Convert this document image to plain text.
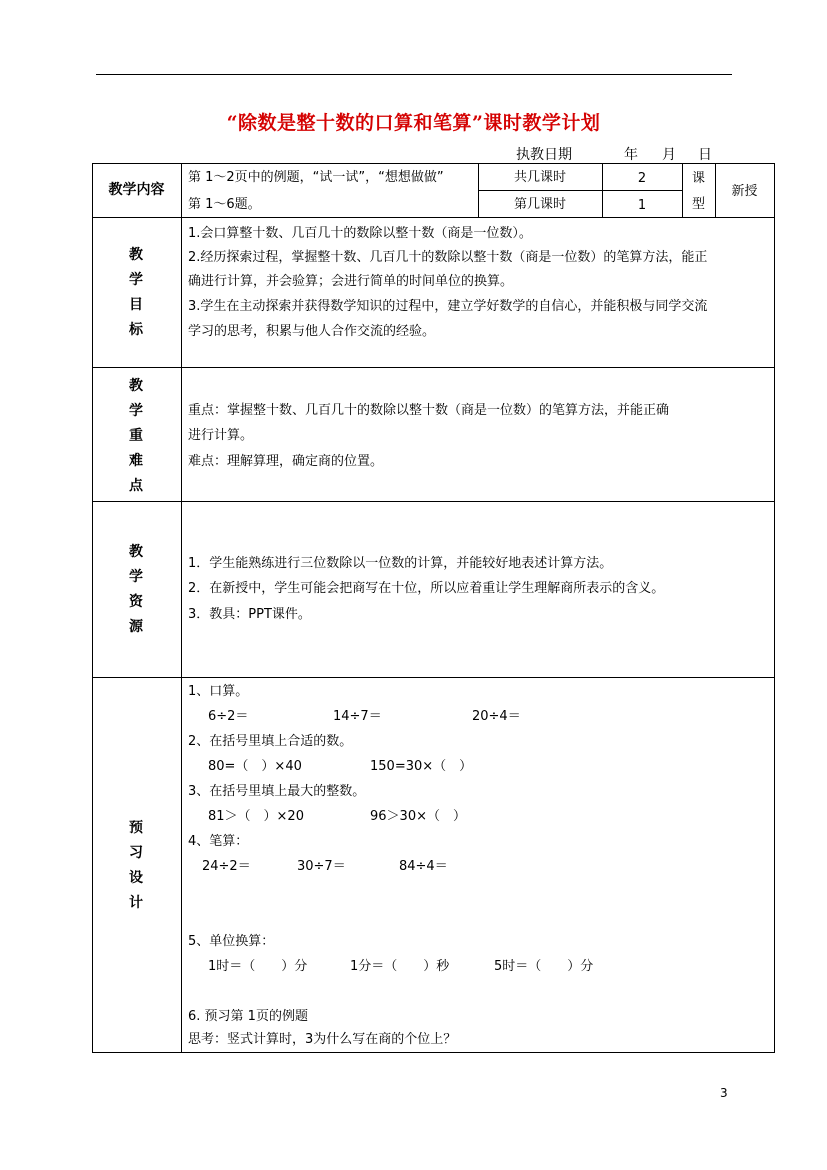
“除数是整十数的口算和笔算”课时教学计划
执教日期	年 月 日
教学内容
第 1～2页中的例题，“试一试”，“想想做做”
第 1～6题。
共几课时	2
第几课时	1
课
型
新授
教
学
目
标
1.会口算整十数、几百几十的数除以整十数（商是一位数）。
2.经历探索过程，掌握整十数、几百几十的数除以整十数（商是一位数）的笔算方法，能正
确进行计算，并会验算；会进行简单的时间单位的换算。
3.学生在主动探索并获得数学知识的过程中，建立学好数学的自信心，并能积极与同学交流
学习的思考，积累与他人合作交流的经验。
教
学
重
难
点
重点：掌握整十数、几百几十的数除以整十数（商是一位数）的笔算方法，并能正确
进行计算。
难点：理解算理，确定商的位置。
教
学
资
源
1．学生能熟练进行三位数除以一位数的计算，并能较好地表述计算方法。
2．在新授中，学生可能会把商写在十位，所以应着重让学生理解商所表示的含义。
3．教具：PPT课件。
预
习
设
计
1、口算。
6÷2＝	14÷7＝	20÷4＝
2、在括号里填上合适的数。
80=（　）×40	150=30×（　）
3、在括号里填上最大的整数。
81＞（　）×20	96＞30×（　）
4、笔算：
24÷2＝	30÷7＝	84÷4＝
5、单位换算：
1时＝（　　）分	1分＝（　　）秒	5时＝（　　）分
6. 预习第 1页的例题
思考：竖式计算时，3为什么写在商的个位上？
3
